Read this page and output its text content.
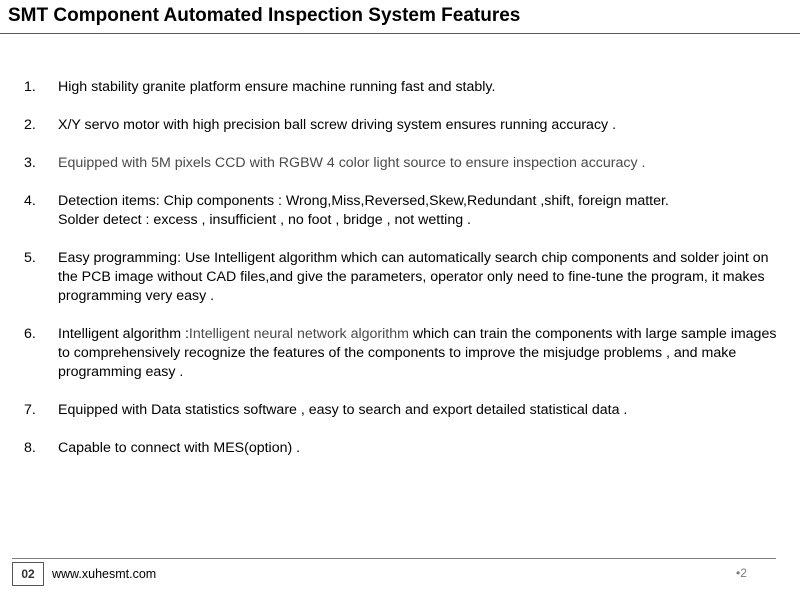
SMT Component Automated Inspection System Features
1.	High stability granite platform ensure machine running fast and stably.
2.	X/Y servo motor with high precision ball screw driving system ensures running accuracy .
3.	Equipped with 5M pixels CCD with RGBW 4 color light source to ensure inspection accuracy .
4.	Detection items: Chip components : Wrong,Miss,Reversed,Skew,Redundant ,shift, foreign matter.
Solder detect : excess , insufficient , no foot , bridge , not wetting .
5.	Easy programming: Use Intelligent algorithm which can automatically search chip components and solder joint on the PCB image without CAD files,and give the parameters, operator only need to fine-tune the program, it makes programming very easy .
6.	Intelligent algorithm :Intelligent neural network algorithm which can train the components with large sample images to comprehensively recognize the features of the components to improve the misjudge problems , and make programming easy .
7.	Equipped with Data statistics software , easy to search and export detailed statistical data .
8.	Capable to connect with MES(option) .
02	www.xuhesmt.com	•2
